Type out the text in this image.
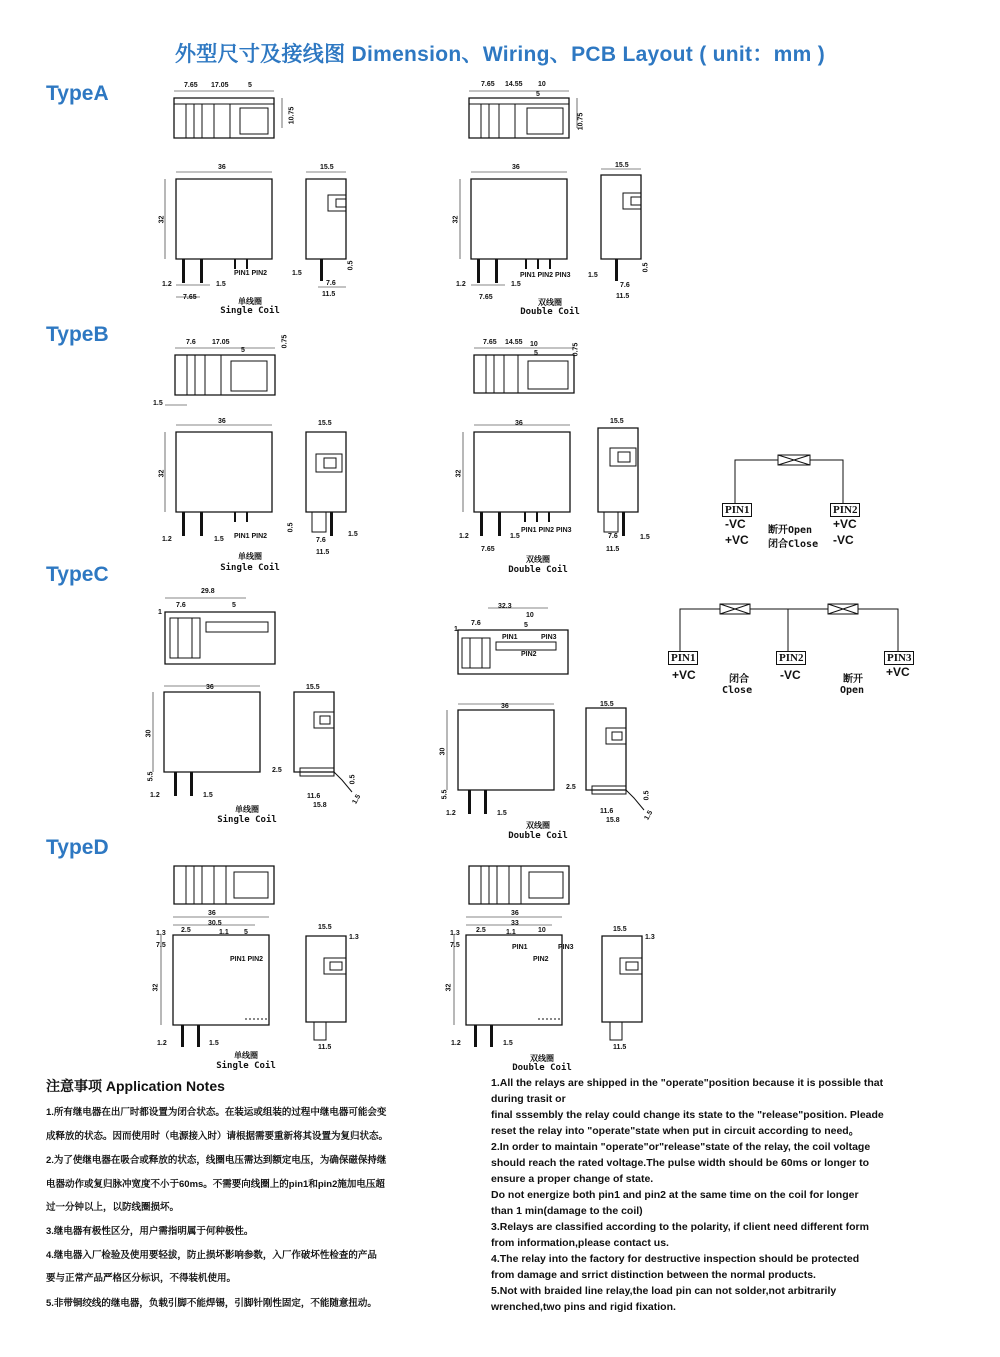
外型尺寸及接线图 Dimension、Wiring、PCB Layout ( unit：mm )
TypeA
TypeB
TypeC
TypeD
7.65 17.05	5
10.75
36
32
1.2	1.5
7.65
PIN1 PIN2
15.5
1.5
7.6
11.5
0.5
单线圈
Single Coil
7.65 14.55 10
5
10.75
36
32
1.2	1.5
7.65
PIN1 PIN2 PIN3
15.5
1.5
7.6
11.5
0.5
双线圈
Double Coil
7.6 17.05
5
0.75
1.5
36
32
1.2	1.5 PIN1 PIN2
15.5
0.5
7.6
1.5
11.5
单线圈
Single Coil
7.65 14.55 10
5	0.75
36
32
1.2	1.5
7.65
PIN1 PIN2 PIN3
15.5
7.6	1.5
11.5
双线圈
Double Coil
PIN1	PIN2
-VC
+VC
+VC
-VC
断开Open
闭合Close
PIN1	PIN2	PIN3
+VC	-VC	+VC
闭合
Close
断开
Open
29.8
7.6	5
1
36
30
5.5
1.2	1.5
15.5
2.5
0.5
11.6
15.8
1.5
单线圈
Single Coil
32.3
10
7.6	5
1
PIN1	PIN3
PIN2
36
30
5.5
1.2	1.5
15.5
2.5
0.5
11.6
15.8	1.5
双线圈
Double Coil
36
30.5
1.1 5
1.3 2.5
7.5
PIN1 PIN2
32
1.2	1.5
15.5
1.3
11.5
单线圈
Single Coil
36
33
1.1	10
1.3 2.5
7.5	PIN1	PIN3
PIN2
32
1.2	1.5
15.5
1.3
11.5
双线圈
Double Coil
注意事项 Application Notes
1.所有继电器在出厂时都设置为闭合状态。在装运或组装的过程中继电器可能会变
成释放的状态。因而使用时（电源接入时）请根据需要重新将其设置为复归状态。
2.为了使继电器在吸合或释放的状态，线圈电压需达到额定电压，为确保磁保持继
电器动作或复归脉冲宽度不小于60ms。不需要向线圈上的pin1和pin2施加电压超
过一分钟以上，以防线圈损坏。
3.继电器有极性区分，用户需指明属于何种极性。
4.继电器入厂检验及使用要轻拔，防止损坏影响参数，入厂作破坏性检查的产品
要与正常产品严格区分标识，不得装机使用。
5.非带铜绞线的继电器，负载引脚不能焊锡，引脚针刚性固定，不能随意扭动。
1.All the relays are shipped in the "operate"position because it is possible that
during trasit or
final sssembly the relay could change its state to the "release"position. Pleade
reset the relay into "operate"state when put in circuit according to need。
2.In order to maintain "operate"or"release"state of the relay, the coil voltage
should reach the rated voltage.The pulse width should be 60ms or longer to
ensure a proper change of state.
Do not energize both pin1 and pin2 at the same time on the coil for longer
than 1 min(damage to the coil)
3.Relays are classified according to the polarity, if client need different form
from information,please contact us.
4.The relay into the factory for destructive inspection should be protected
from damage and srrict distinction between the normal products.
5.Not with braided line relay,the load pin can not solder,not arbitrarily
wrenched,two pins and rigid fixation.
